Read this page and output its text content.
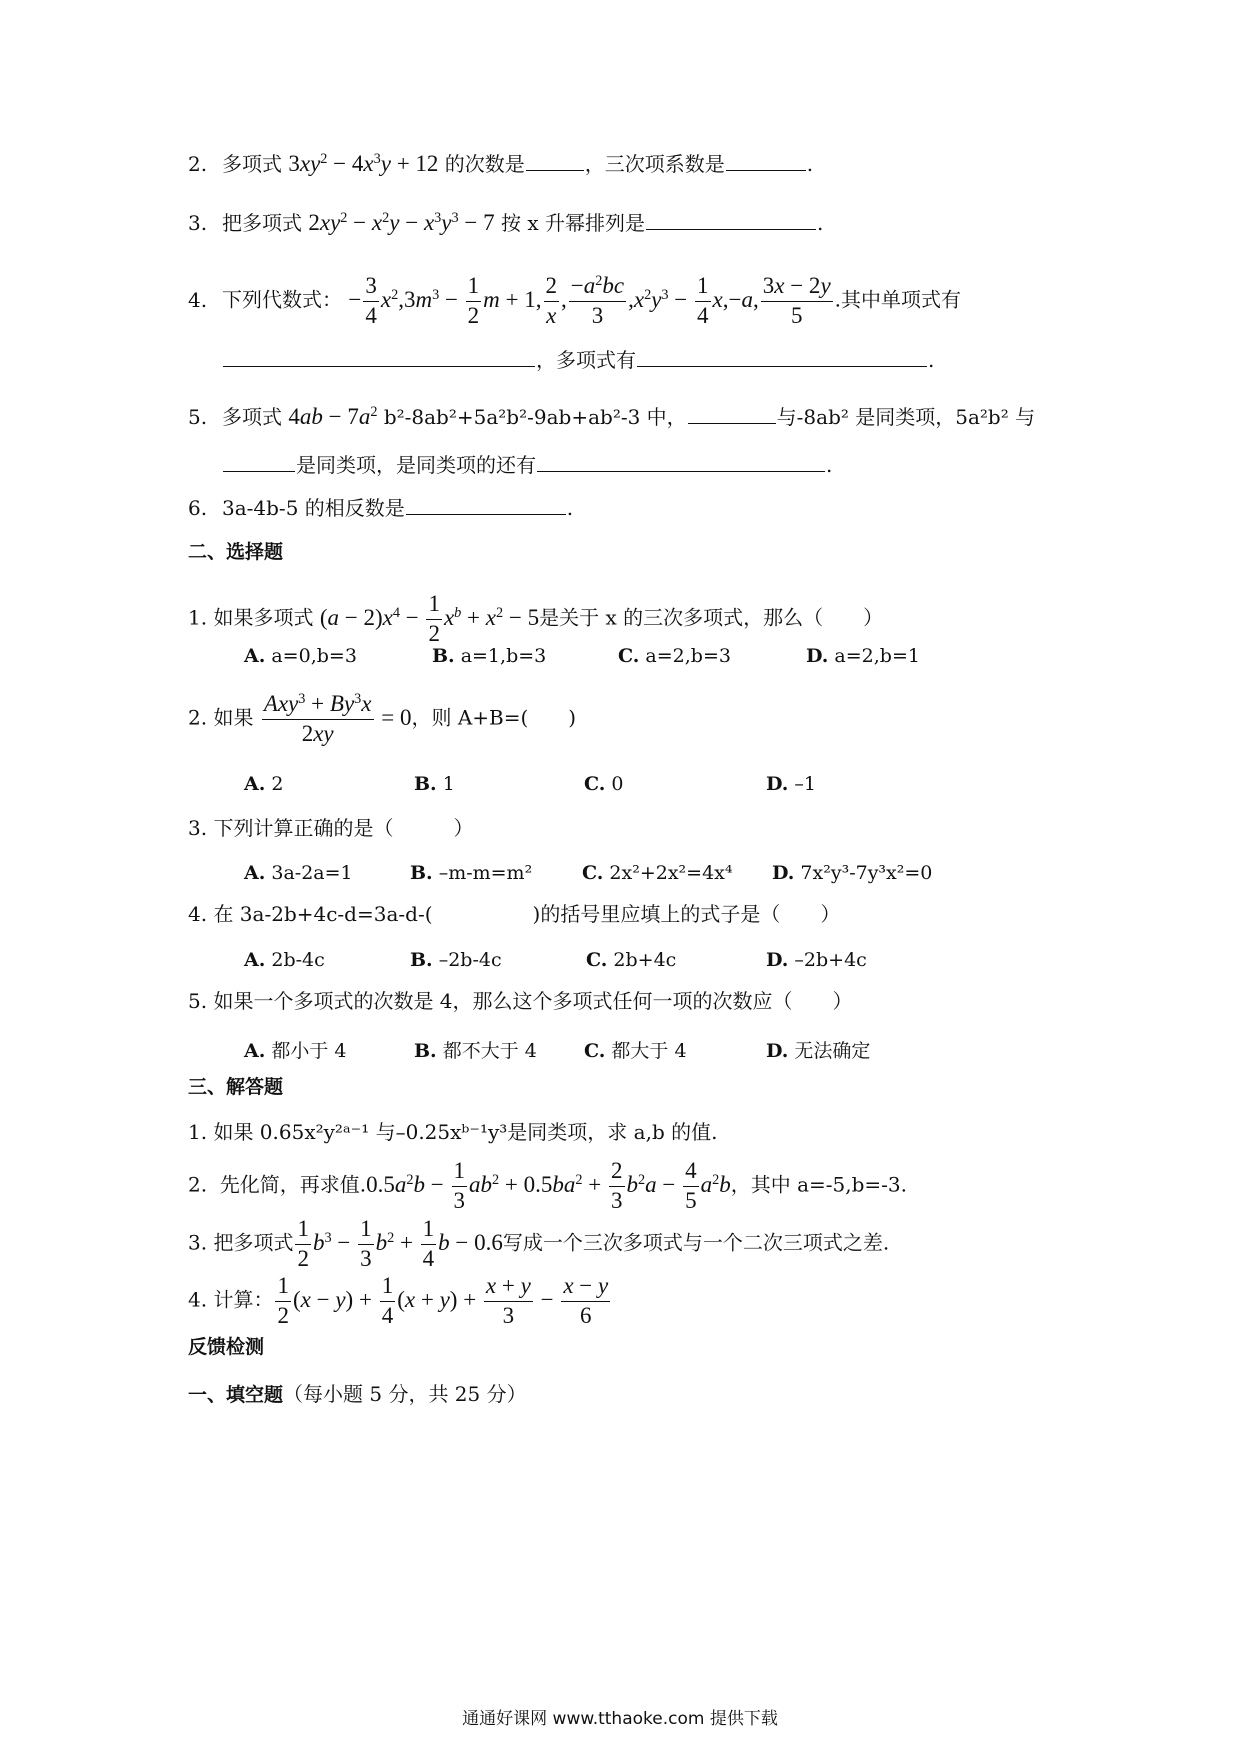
2. 多项式 $3xy^2 - 4x^3y + 12$ 的次数是	，三次项系数是	.
3. 把多项式 $2xy^2 - x^2y - x^3y^3 - 7$ 按 x 升幂排列是	.
4. 下列代数式： − $\frac{3}{4} x^2,3m^3 - \frac{1}{2}$ m + 1, $\frac{2}{x}$ , $\frac{-a^2bc}{3} ,x^2y^3 - \frac{1}{4} x,-a$, $\frac{3x - 2y}{5}$ .其中单项式有
，多项式有	.
5. 多项式 $4ab - 7a^2$ b²-8ab²+5a²b²-9ab+ab²-3 中，	与-8ab² 是同类项，5a²b² 与
是同类项，是同类项的还有	.
6. 3a-4b-5 的相反数是	.
二、选择题
1. 如果多项式 $(a - 2)x^4 - \frac{1}{2} x^b + x^2 - 5$是关于 x 的三次多项式，那么（　　）
A. a=0,b=3	B. a=1,b=3	C. a=2,b=3	D. a=2,b=1
2. 如果 $\frac{Axy^3 + By^3x}{2xy} = 0$，则 A+B=(　　)
A. 2	B. 1	C. 0	D. –1
3. 下列计算正确的是（　　　）
A. 3a-2a=1	B. –m-m=m²	C. 2x²+2x²=4x⁴ D. 7x²y³-7y³x²=0
4. 在 3a-2b+4c-d=3a-d-(　　　　　)的括号里应填上的式子是（　　）
A. 2b-4c	B. –2b-4c	C. 2b+4c	D. –2b+4c
5. 如果一个多项式的次数是 4，那么这个多项式任何一项的次数应（　　）
A. 都小于 4	B. 都不大于 4 C. 都大于 4	D. 无法确定
三、解答题
1. 如果 0.65x²y²ᵃ⁻¹ 与–0.25xᵇ⁻¹y³是同类项，求 a,b 的值.
2. 先化简，再求值$.0.5a^2b - \frac{1}{3} ab^2 + 0.5ba^2 + \frac{2}{3} b^2a - \frac{4}{5} a^2b$，其中 a=-5,b=-3.
3. 把多项式 $\frac{1}{2} b^3 - \frac{1}{3} b^2 + \frac{1}{4}$ b − 0.6写成一个三次多项式与一个二次三项式之差.
4. 计算： $\frac{1}{2} (x - y) + \frac{1}{4} (x + y) + \frac{x + y}{3} - \frac{x - y}{6}$
反馈检测
一、填空题（每小题 5 分，共 25 分）
通通好课网 www.tthaoke.com 提供下载
